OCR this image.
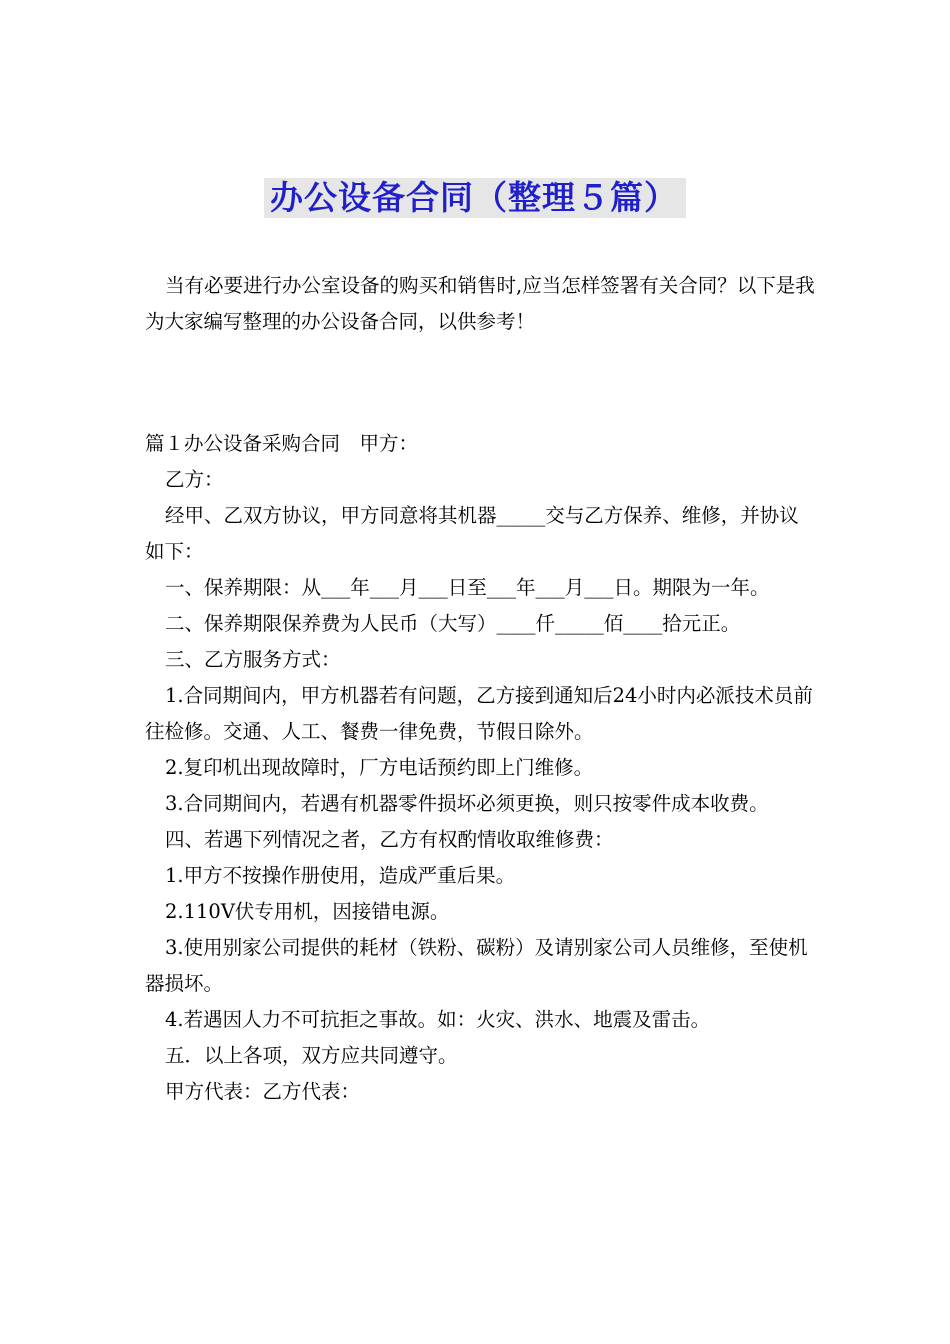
办公设备合同（整理５篇）

当有必要进行办公室设备的购买和销售时,应当怎样签署有关合同？以下是我为大家编写整理的办公设备合同，以供参考！

篇１办公设备采购合同　甲方：

乙方：

经甲、乙双方协议，甲方同意将其机器_____交与乙方保养、维修，并协议如下：

一、保养期限：从___年___月___日至___年___月___日。期限为一年。

二、保养期限保养费为人民币（大写）____仟_____佰____拾元正。

三、乙方服务方式：

1.合同期间内，甲方机器若有问题，乙方接到通知后24小时内必派技术员前往检修。交通、人工、餐费一律免费，节假日除外。

2.复印机出现故障时，厂方电话预约即上门维修。

3.合同期间内，若遇有机器零件损坏必须更换，则只按零件成本收费。

四、若遇下列情况之者，乙方有权酌情收取维修费：

1.甲方不按操作册使用，造成严重后果。

2.110V伏专用机，因接错电源。

3.使用别家公司提供的耗材（铁粉、碳粉）及请别家公司人员维修，至使机器损坏。

4.若遇因人力不可抗拒之事故。如：火灾、洪水、地震及雷击。

五．以上各项，双方应共同遵守。

甲方代表：乙方代表：
